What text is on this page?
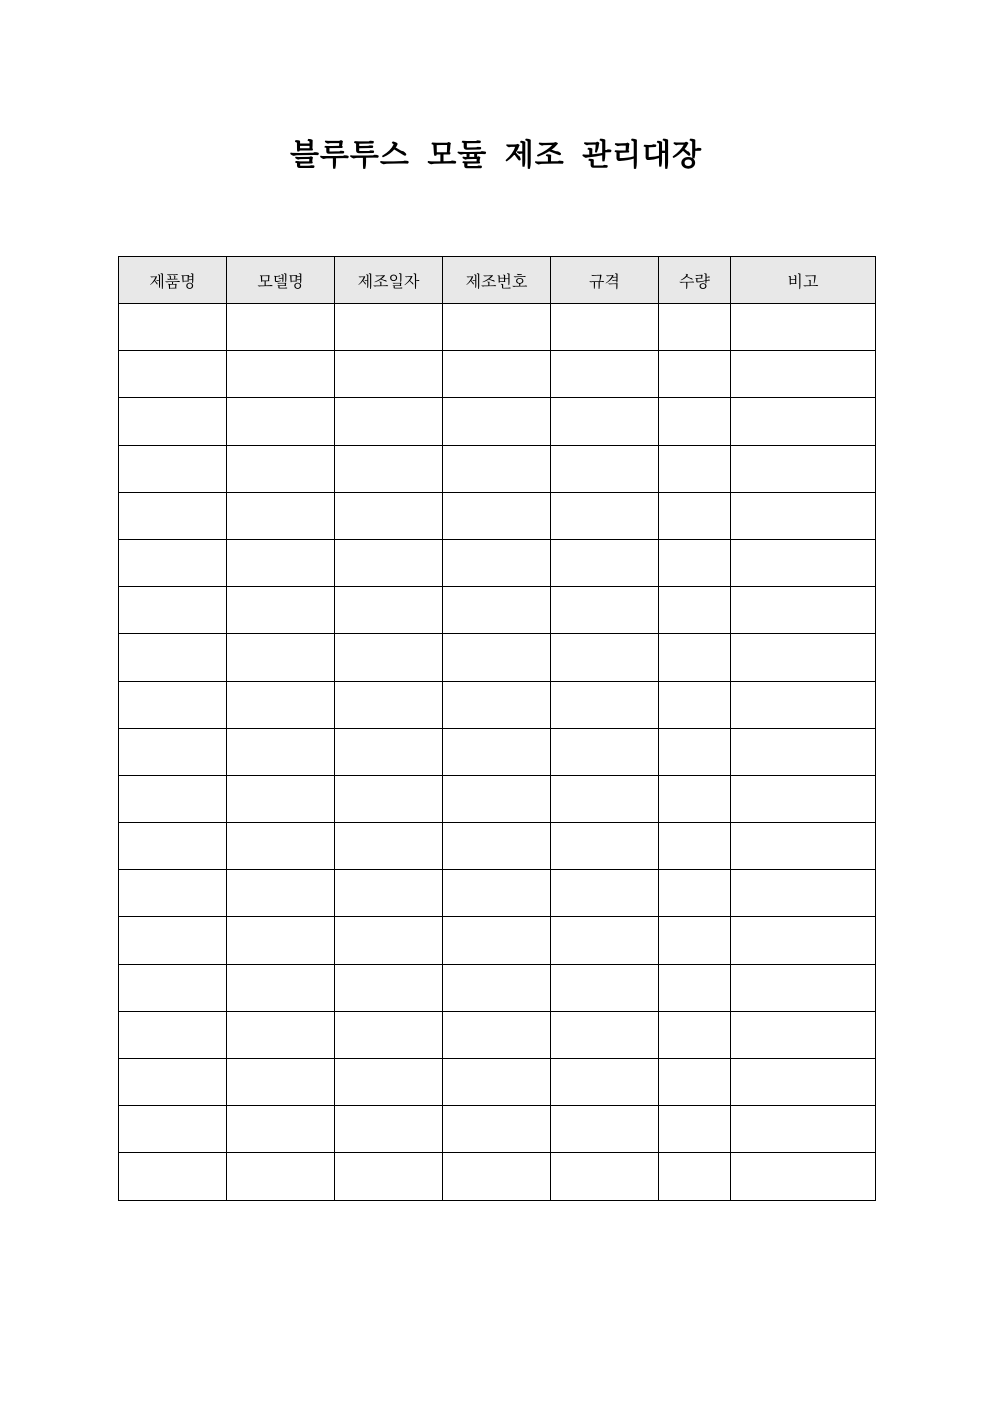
블루투스 모듈 제조 관리대장
제품명	모델명	제조일자	제조번호	규격	수량	비고
